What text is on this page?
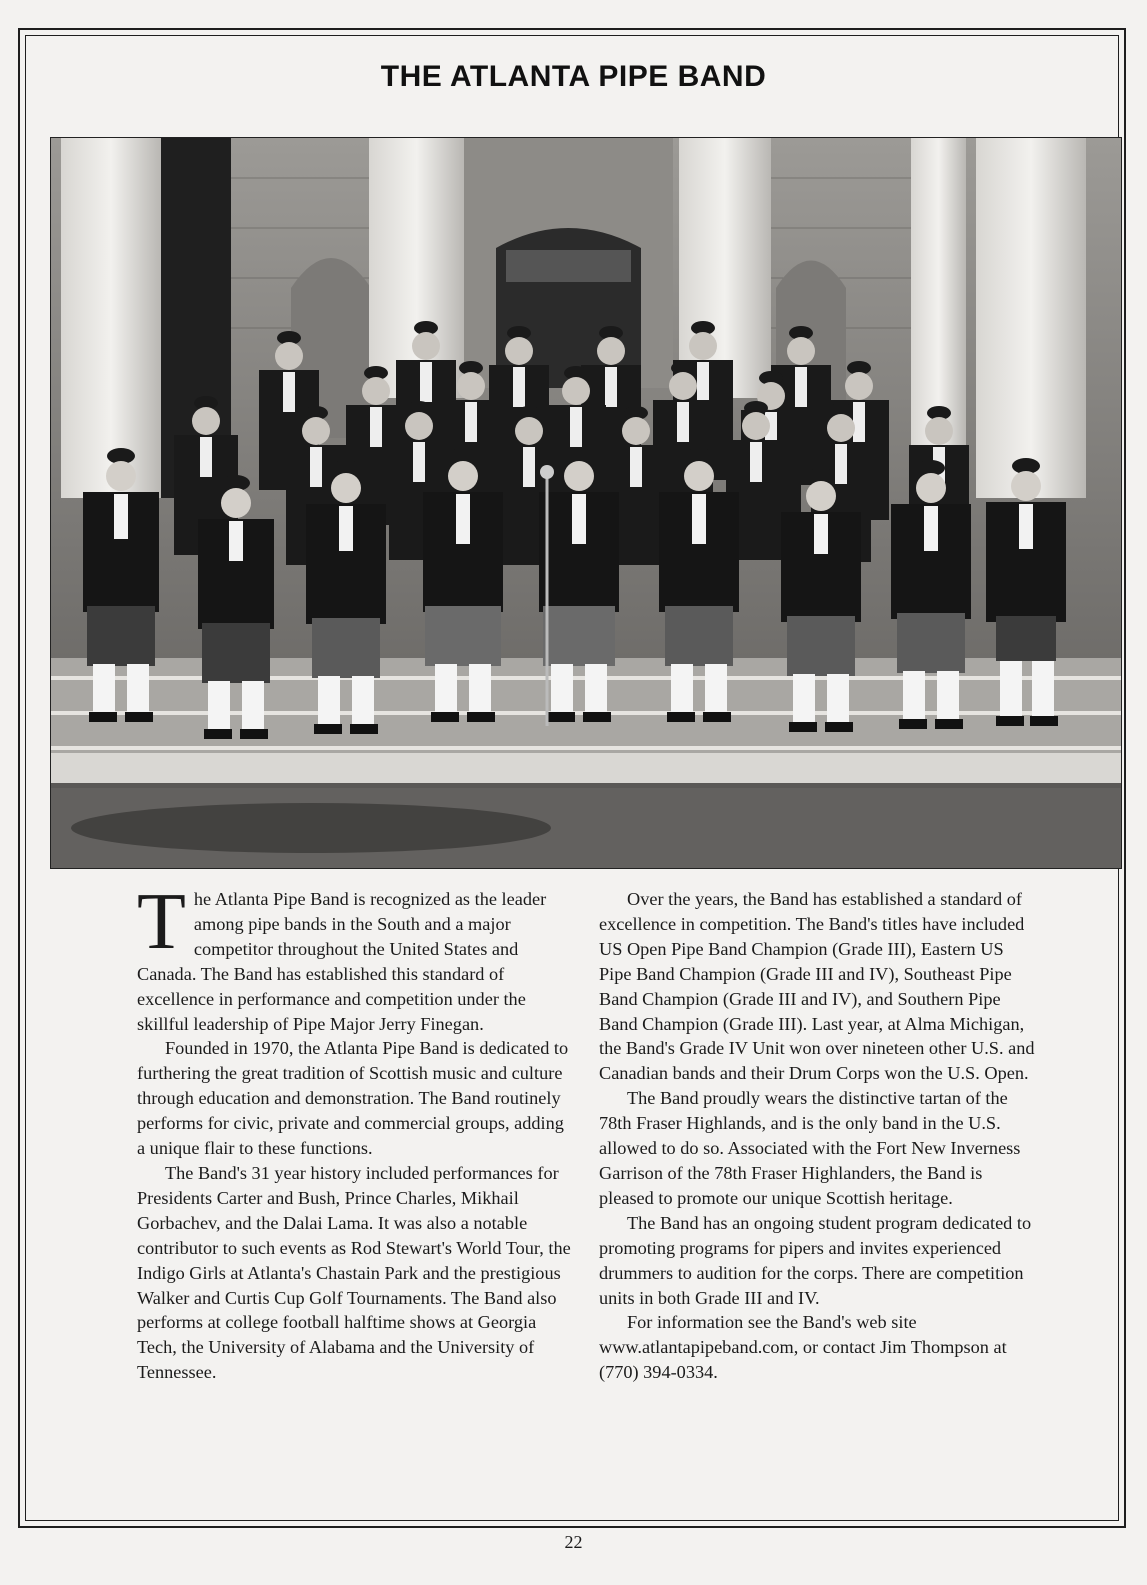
THE ATLANTA PIPE BAND

The Atlanta Pipe Band is recognized as the leader among pipe bands in the South and a major competitor throughout the United States and Canada. The Band has established this standard of excellence in performance and competition under the skillful leadership of Pipe Major Jerry Finegan.

Founded in 1970, the Atlanta Pipe Band is dedicated to furthering the great tradition of Scottish music and culture through education and demonstration. The Band routinely performs for civic, private and commercial groups, adding a unique flair to these functions.

The Band's 31 year history included performances for Presidents Carter and Bush, Prince Charles, Mikhail Gorbachev, and the Dalai Lama. It was also a notable contributor to such events as Rod Stewart's World Tour, the Indigo Girls at Atlanta's Chastain Park and the prestigious Walker and Curtis Cup Golf Tournaments. The Band also performs at college football halftime shows at Georgia Tech, the University of Alabama and the University of Tennessee.

Over the years, the Band has established a standard of excellence in competition. The Band's titles have included US Open Pipe Band Champion (Grade III), Eastern US Pipe Band Champion (Grade III and IV), Southeast Pipe Band Champion (Grade III and IV), and Southern Pipe Band Champion (Grade III). Last year, at Alma Michigan, the Band's Grade IV Unit won over nineteen other U.S. and Canadian bands and their Drum Corps won the U.S. Open.

The Band proudly wears the distinctive tartan of the 78th Fraser Highlands, and is the only band in the U.S. allowed to do so. Associated with the Fort New Inverness Garrison of the 78th Fraser Highlanders, the Band is pleased to promote our unique Scottish heritage.

The Band has an ongoing student program dedicated to promoting programs for pipers and invites experienced drummers to audition for the corps. There are competition units in both Grade III and IV.

For information see the Band's web site www.atlantapipeband.com, or contact Jim Thompson at (770) 394-0334.

22
